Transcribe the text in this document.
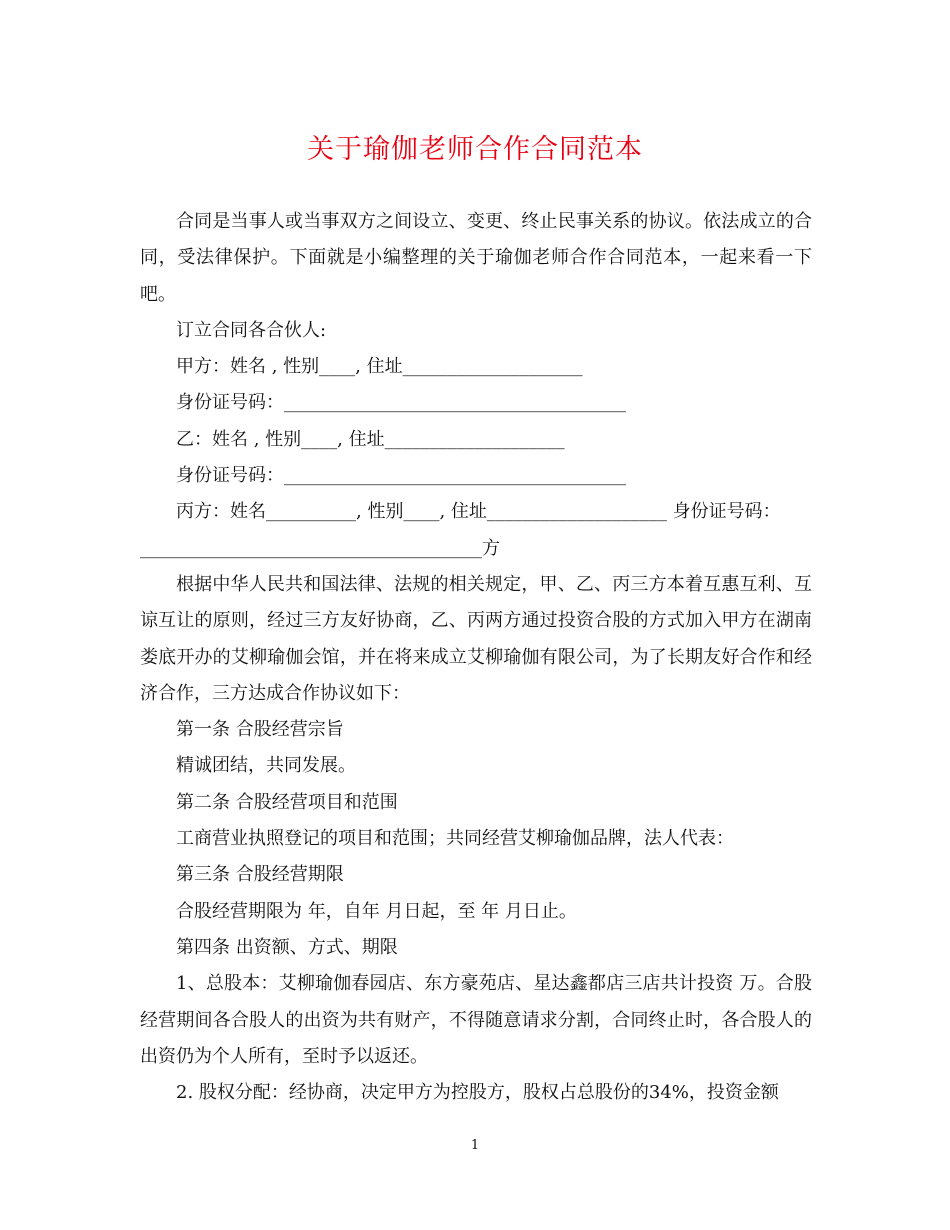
关于瑜伽老师合作合同范本

合同是当事人或当事双方之间设立、变更、终止民事关系的协议。依法成立的合同，受法律保护。下面就是小编整理的关于瑜伽老师合作合同范本，一起来看一下吧。

订立合同各合伙人:

甲方：姓名 , 性别____, 住址____________________

身份证号码：______________________________________

乙：姓名 , 性别____, 住址____________________

身份证号码：______________________________________

丙方：姓名__________, 性别____, 住址____________________ 身份证号码：

______________________________________方

根据中华人民共和国法律、法规的相关规定，甲、乙、丙三方本着互惠互利、互谅互让的原则，经过三方友好协商，乙、丙两方通过投资合股的方式加入甲方在湖南娄底开办的艾柳瑜伽会馆，并在将来成立艾柳瑜伽有限公司，为了长期友好合作和经济合作，三方达成合作协议如下：

第一条 合股经营宗旨

精诚团结，共同发展。

第二条 合股经营项目和范围

工商营业执照登记的项目和范围；共同经营艾柳瑜伽品牌，法人代表：

第三条 合股经营期限

合股经营期限为 年，自年 月日起，至 年 月日止。

第四条 出资额、方式、期限

1、总股本：艾柳瑜伽春园店、东方豪苑店、星达鑫都店三店共计投资 万。合股经营期间各合股人的出资为共有财产，不得随意请求分割，合同终止时，各合股人的出资仍为个人所有，至时予以返还。

2. 股权分配：经协商，决定甲方为控股方，股权占总股份的34%，投资金额

1
